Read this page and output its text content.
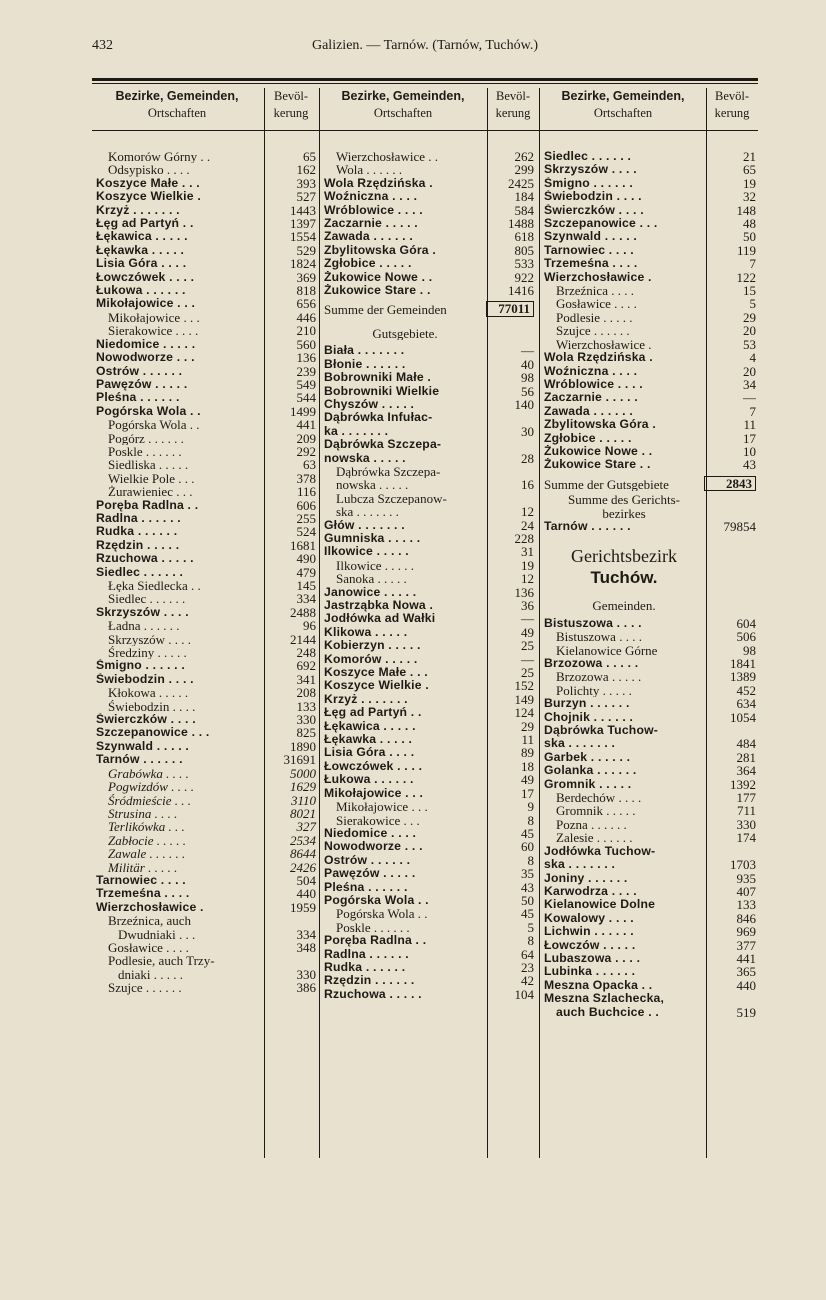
432	Galizien. — Tarnów. (Tarnów, Tuchów.)
Bezirke, Gemeinden,
Ortschaften
Bevöl-
kerung
Bezirke, Gemeinden,
Ortschaften
Bevöl-
kerung
Bezirke, Gemeinden,
Ortschaften
Bevöl-
kerung
Komorów Górny . .	65
Odsypisko . . . .	162
Koszyce Małe . . .	393
Koszyce Wielkie .	527
Krzyż . . . . . . .	1443
Łęg ad Partyń . .	1397
Łękawica . . . . .	1554
Łękawka . . . . .	529
Lisia Góra . . . .	1824
Łowczówek . . . .	369
Łukowa . . . . . .	818
Mikołajowice . . .	656
Mikołajowice . . .	446
Sierakowice . . . .	210
Niedomice . . . . .	560
Nowodworze . . .	136
Ostrów . . . . . .	239
Pawęzów . . . . .	549
Pleśna . . . . . .	544
Pogórska Wola . .	1499
Pogórska Wola . .	441
Pogórz . . . . . .	209
Poskle . . . . . .	292
Siedliska . . . . .	63
Wielkie Pole . . .	378
Żurawieniec . . .	116
Poręba Radlna . .	606
Radlna . . . . . .	255
Rudka . . . . . .	524
Rzędzin . . . . .	1681
Rzuchowa . . . . .	490
Siedlec . . . . . .	479
Łęka Siedlecka . .	145
Siedlec . . . . . .	334
Skrzyszów . . . .	2488
Ładna . . . . . .	96
Skrzyszów . . . .	2144
Średziny . . . . .	248
Śmigno . . . . . .	692
Świebodzin . . . .	341
Kłokowa . . . . .	208
Świebodzin . . . .	133
Świerczków . . . .	330
Szczepanowice . . .	825
Szynwald . . . . .	1890
Tarnów . . . . . .	31691
Grabówka . . . .	5000
Pogwizdów . . . .	1629
Śródmieście . . .	3110
Strusina . . . .	8021
Terlikówka . . .	327
Zabłocie . . . . .	2534
Zawale . . . . . .	8644
Militär . . . . .	2426
Tarnowiec . . . .	504
Trzemeśna . . . .	440
Wierzchosławice .	1959
Brzeźnica, auch
Dwudniaki . . .	334
Gosławice . . . .	348
Podlesie, auch Trzy-
dniaki . . . . .	330
Szujce . . . . . .	386
Wierzchosławice . .	262
Wola . . . . . .	299
Wola Rzędzińska .	2425
Woźniczna . . . .	184
Wróblowice . . . .	584
Zaczarnie . . . . .	1488
Zawada . . . . . .	618
Zbylitowska Góra .	805
Zgłobice . . . . .	533
Żukowice Nowe . .	922
Żukowice Stare . .	1416
Summe der Gemeinden	77011
Gutsgebiete.
Biała . . . . . . .	—
Błonie . . . . . .	40
Bobrowniki Małe .	98
Bobrowniki Wielkie	56
Chyszów . . . . .	140
Dąbrówka Infułac-
ka . . . . . . .	30
Dąbrówka Szczepa-
nowska . . . . .	28
Dąbrówka Szczepa-
nowska . . . . .	16
Lubcza Szczepanow-
ska . . . . . . .	12
Głów . . . . . . .	24
Gumniska . . . . .	228
Ilkowice . . . . .	31
Ilkowice . . . . .	19
Sanoka . . . . .	12
Janowice . . . . .	136
Jastrząbka Nowa .	36
Jodłówka ad Wałki	—
Klikowa . . . . .	49
Kobierzyn . . . . .	25
Komorów . . . . .	—
Koszyce Małe . . .	25
Koszyce Wielkie .	152
Krzyż . . . . . . .	149
Łęg ad Partyń . .	124
Łękawica . . . . .	29
Łękawka . . . . .	11
Lisia Góra . . . .	89
Łowczówek . . . .	18
Łukowa . . . . . .	49
Mikołajowice . . .	17
Mikołajowice . . .	9
Sierakowice . . .	8
Niedomice . . . .	45
Nowodworze . . .	60
Ostrów . . . . . .	8
Pawęzów . . . . .	35
Pleśna . . . . . .	43
Pogórska Wola . .	50
Pogórska Wola . .	45
Poskle . . . . . .	5
Poręba Radlna . .	8
Radlna . . . . . .	64
Rudka . . . . . .	23
Rzędzin . . . . . .	42
Rzuchowa . . . . .	104
Siedlec . . . . . .	21
Skrzyszów . . . .	65
Śmigno . . . . . .	19
Świebodzin . . . .	32
Świerczków . . . .	148
Szczepanowice . . .	48
Szynwald . . . . .	50
Tarnowiec . . . .	119
Trzemeśna . . . .	7
Wierzchosławice .	122
Brzeźnica . . . .	15
Gosławice . . . .	5
Podlesie . . . . .	29
Szujce . . . . . .	20
Wierzchosławice .	53
Wola Rzędzińska .	4
Woźniczna . . . .	20
Wróblowice . . . .	34
Zaczarnie . . . . .	—
Zawada . . . . . .	7
Zbylitowska Góra .	11
Zgłobice . . . . .	17
Żukowice Nowe . .	10
Żukowice Stare . .	43
Summe der Gutsgebiete	2843
Summe des Gerichts-
bezirkes
Tarnów . . . . . .	79854
Gerichtsbezirk
Tuchów.
Gemeinden.
Bistuszowa . . . .	604
Bistuszowa . . . .	506
Kielanowice Górne	98
Brzozowa . . . . .	1841
Brzozowa . . . . .	1389
Polichty . . . . .	452
Burzyn . . . . . .	634
Chojnik . . . . . .	1054
Dąbrówka Tuchow-
ska . . . . . . .	484
Garbek . . . . . .	281
Golanka . . . . . .	364
Gromnik . . . . .	1392
Berdechów . . . .	177
Gromnik . . . . .	711
Pozna . . . . . .	330
Zalesie . . . . . .	174
Jodłówka Tuchow-
ska . . . . . . .	1703
Joniny . . . . . .	935
Karwodrza . . . .	407
Kielanowice Dolne	133
Kowalowy . . . .	846
Lichwin . . . . . .	969
Łowczów . . . . .	377
Lubaszowa . . . .	441
Lubinka . . . . . .	365
Meszna Opacka . .	440
Meszna Szlachecka,
auch Buchcice . .	519
